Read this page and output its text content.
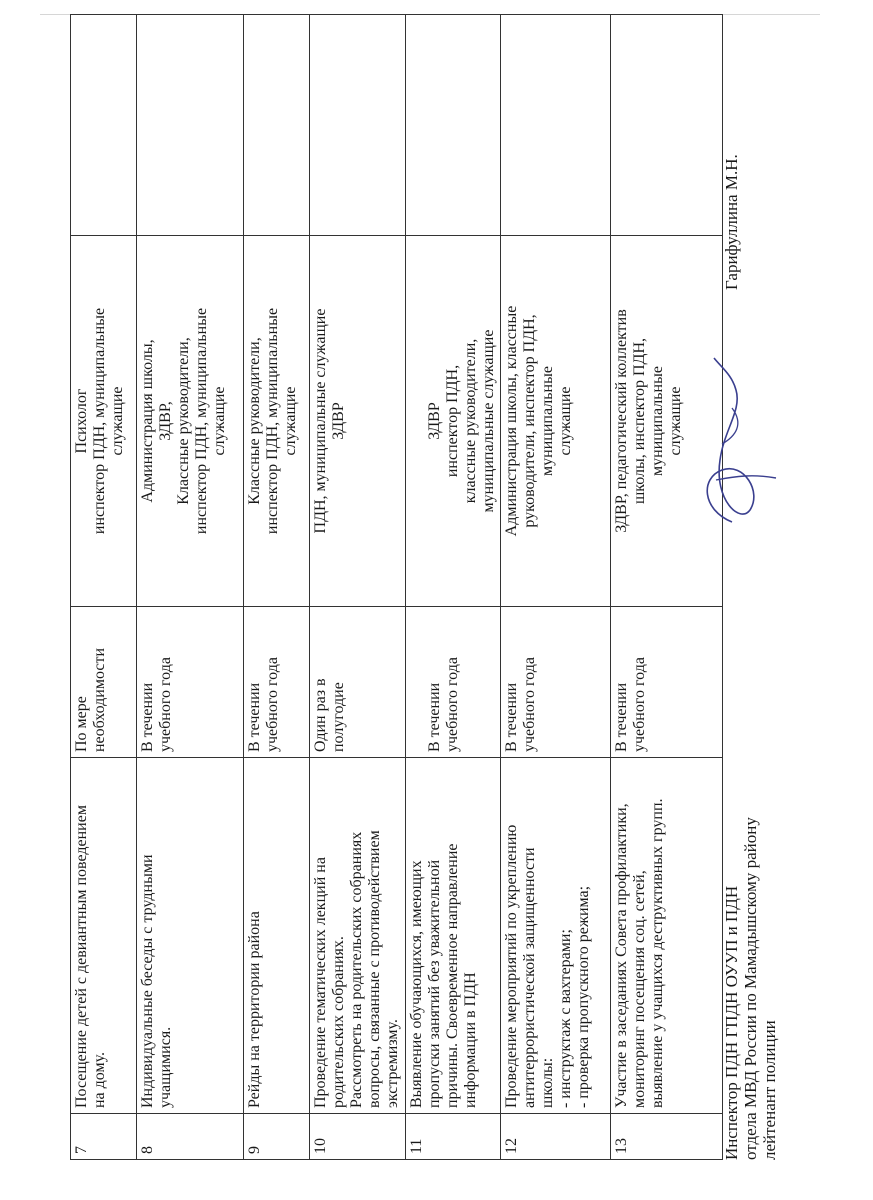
7	Посещение детей с девиантным поведением на дому.	По мере необходимости	Психолог инспектор ПДН, муниципальные служащие	

8	Индивидуальные беседы с трудными учащимися.	В течении учебного года	Администрация школы, ЗДВР, Классные руководители, инспектор ПДН, муниципальные служащие	

9	Рейды на территории района	В течении учебного года	Классные руководители, инспектор ПДН, муниципальные служащие	

10	Проведение тематических лекций на родительских собраниях. Рассмотреть на родительских собраниях вопросы, связанные с противодействием экстремизму.	Один раз в полугодие	ПДН, муниципальные служащие ЗДВР	

11	Выявление обучающихся, имеющих пропуски занятий без уважительной причины. Своевременное направление информации в ПДН	В течении учебного года	ЗДВР инспектор ПДН, классные руководители, муниципальные служащие	

12	Проведение мероприятий по укреплению антитеррористической защищенности школы: - инструктаж с вахтерами; - проверка пропускного режима;	В течении учебного года	Администрация школы, классные руководители, инспектор ПДН, муниципальные служащие	

13	Участие в заседаниях Совета профилактики, мониторинг посещения соц. сетей, выявление у учащихся деструктивных групп.	В течении учебного года	ЗДВР, педагогический коллектив школы, инспектор ПДН, муниципальные служащие	

Инспектор ПДН ГПДН ОУУП и ПДН отдела МВД России по Мамадышскому району лейтенант полиции
Гарифуллина М.Н.
